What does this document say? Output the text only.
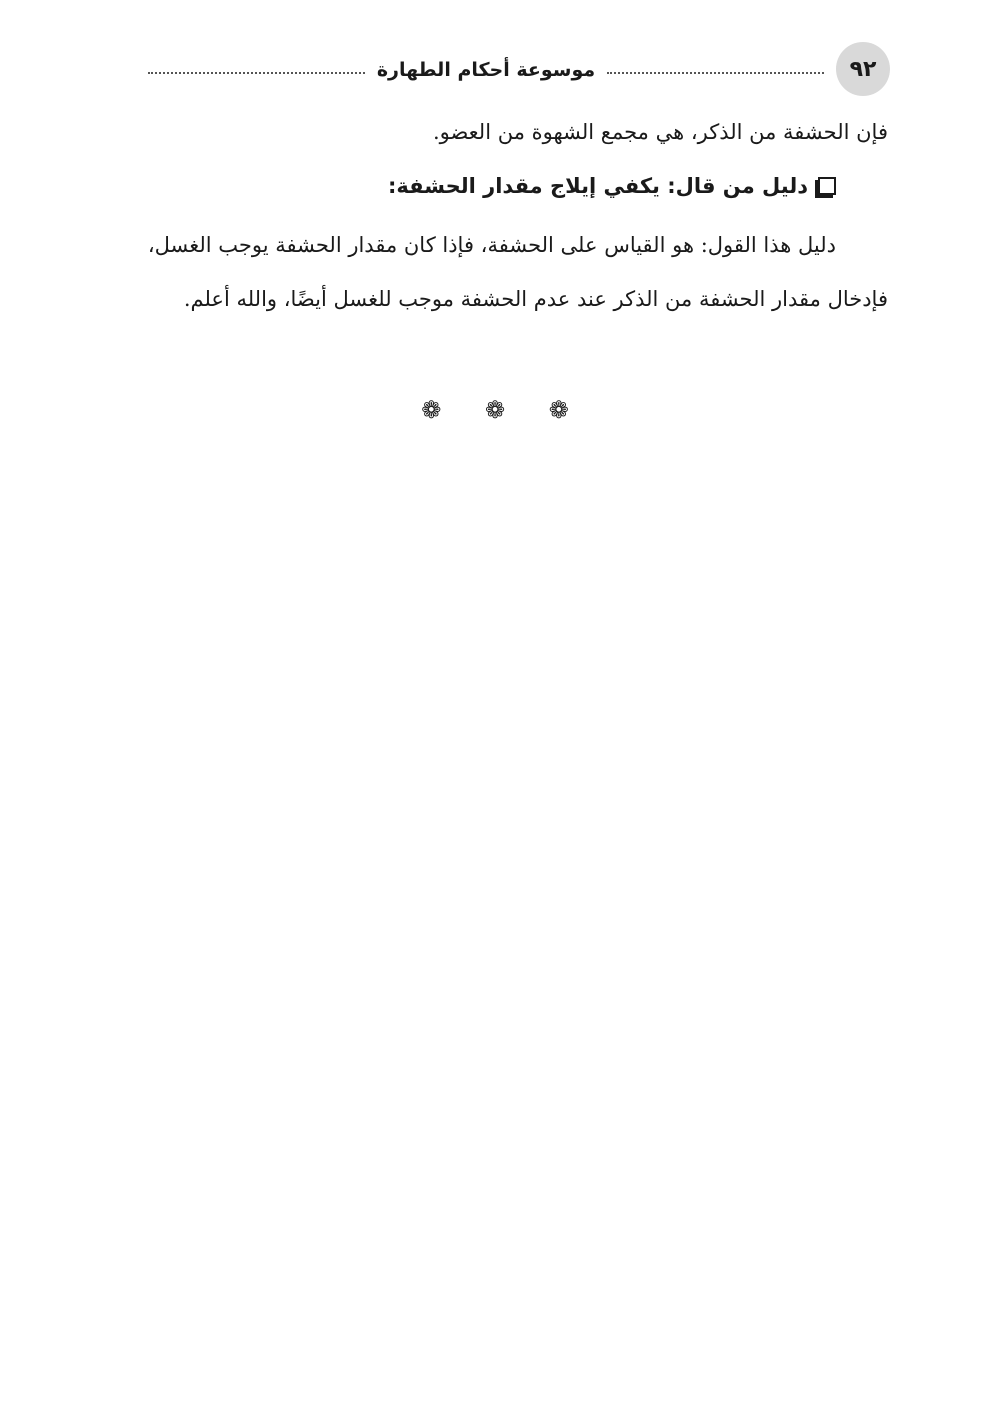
٩٢
موسوعة أحكام الطهارة

فإن الحشفة من الذكر، هي مجمع الشهوة من العضو.

دليل من قال: يكفي إيلاج مقدار الحشفة:

دليل هذا القول: هو القياس على الحشفة، فإذا كان مقدار الحشفة يوجب الغسل، فإدخال مقدار الحشفة من الذكر عند عدم الحشفة موجب للغسل أيضًا، والله أعلم.

❁ ❁ ❁
